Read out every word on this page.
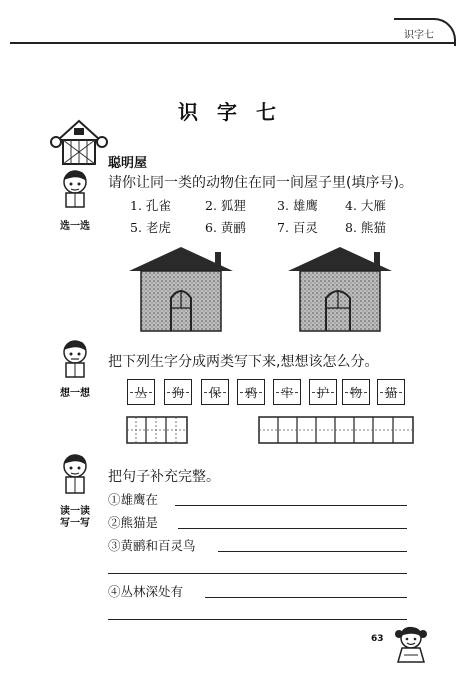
识字七
识 字 七
聪明屋
选一选
请你让同一类的动物住在同一间屋子里(填序号)。
1. 孔雀	2. 狐狸 3. 雄鹰 4. 大雁
5. 老虎	6. 黄鹂 7. 百灵 8. 熊猫
想一想
把下列生字分成两类写下来,想想该怎么分。
丛	狗	保	鸦	牢	护	物	猫
读一读
写一写
把句子补充完整。
①雄鹰在
②熊猫是
③黄鹂和百灵鸟
④丛林深处有
63
